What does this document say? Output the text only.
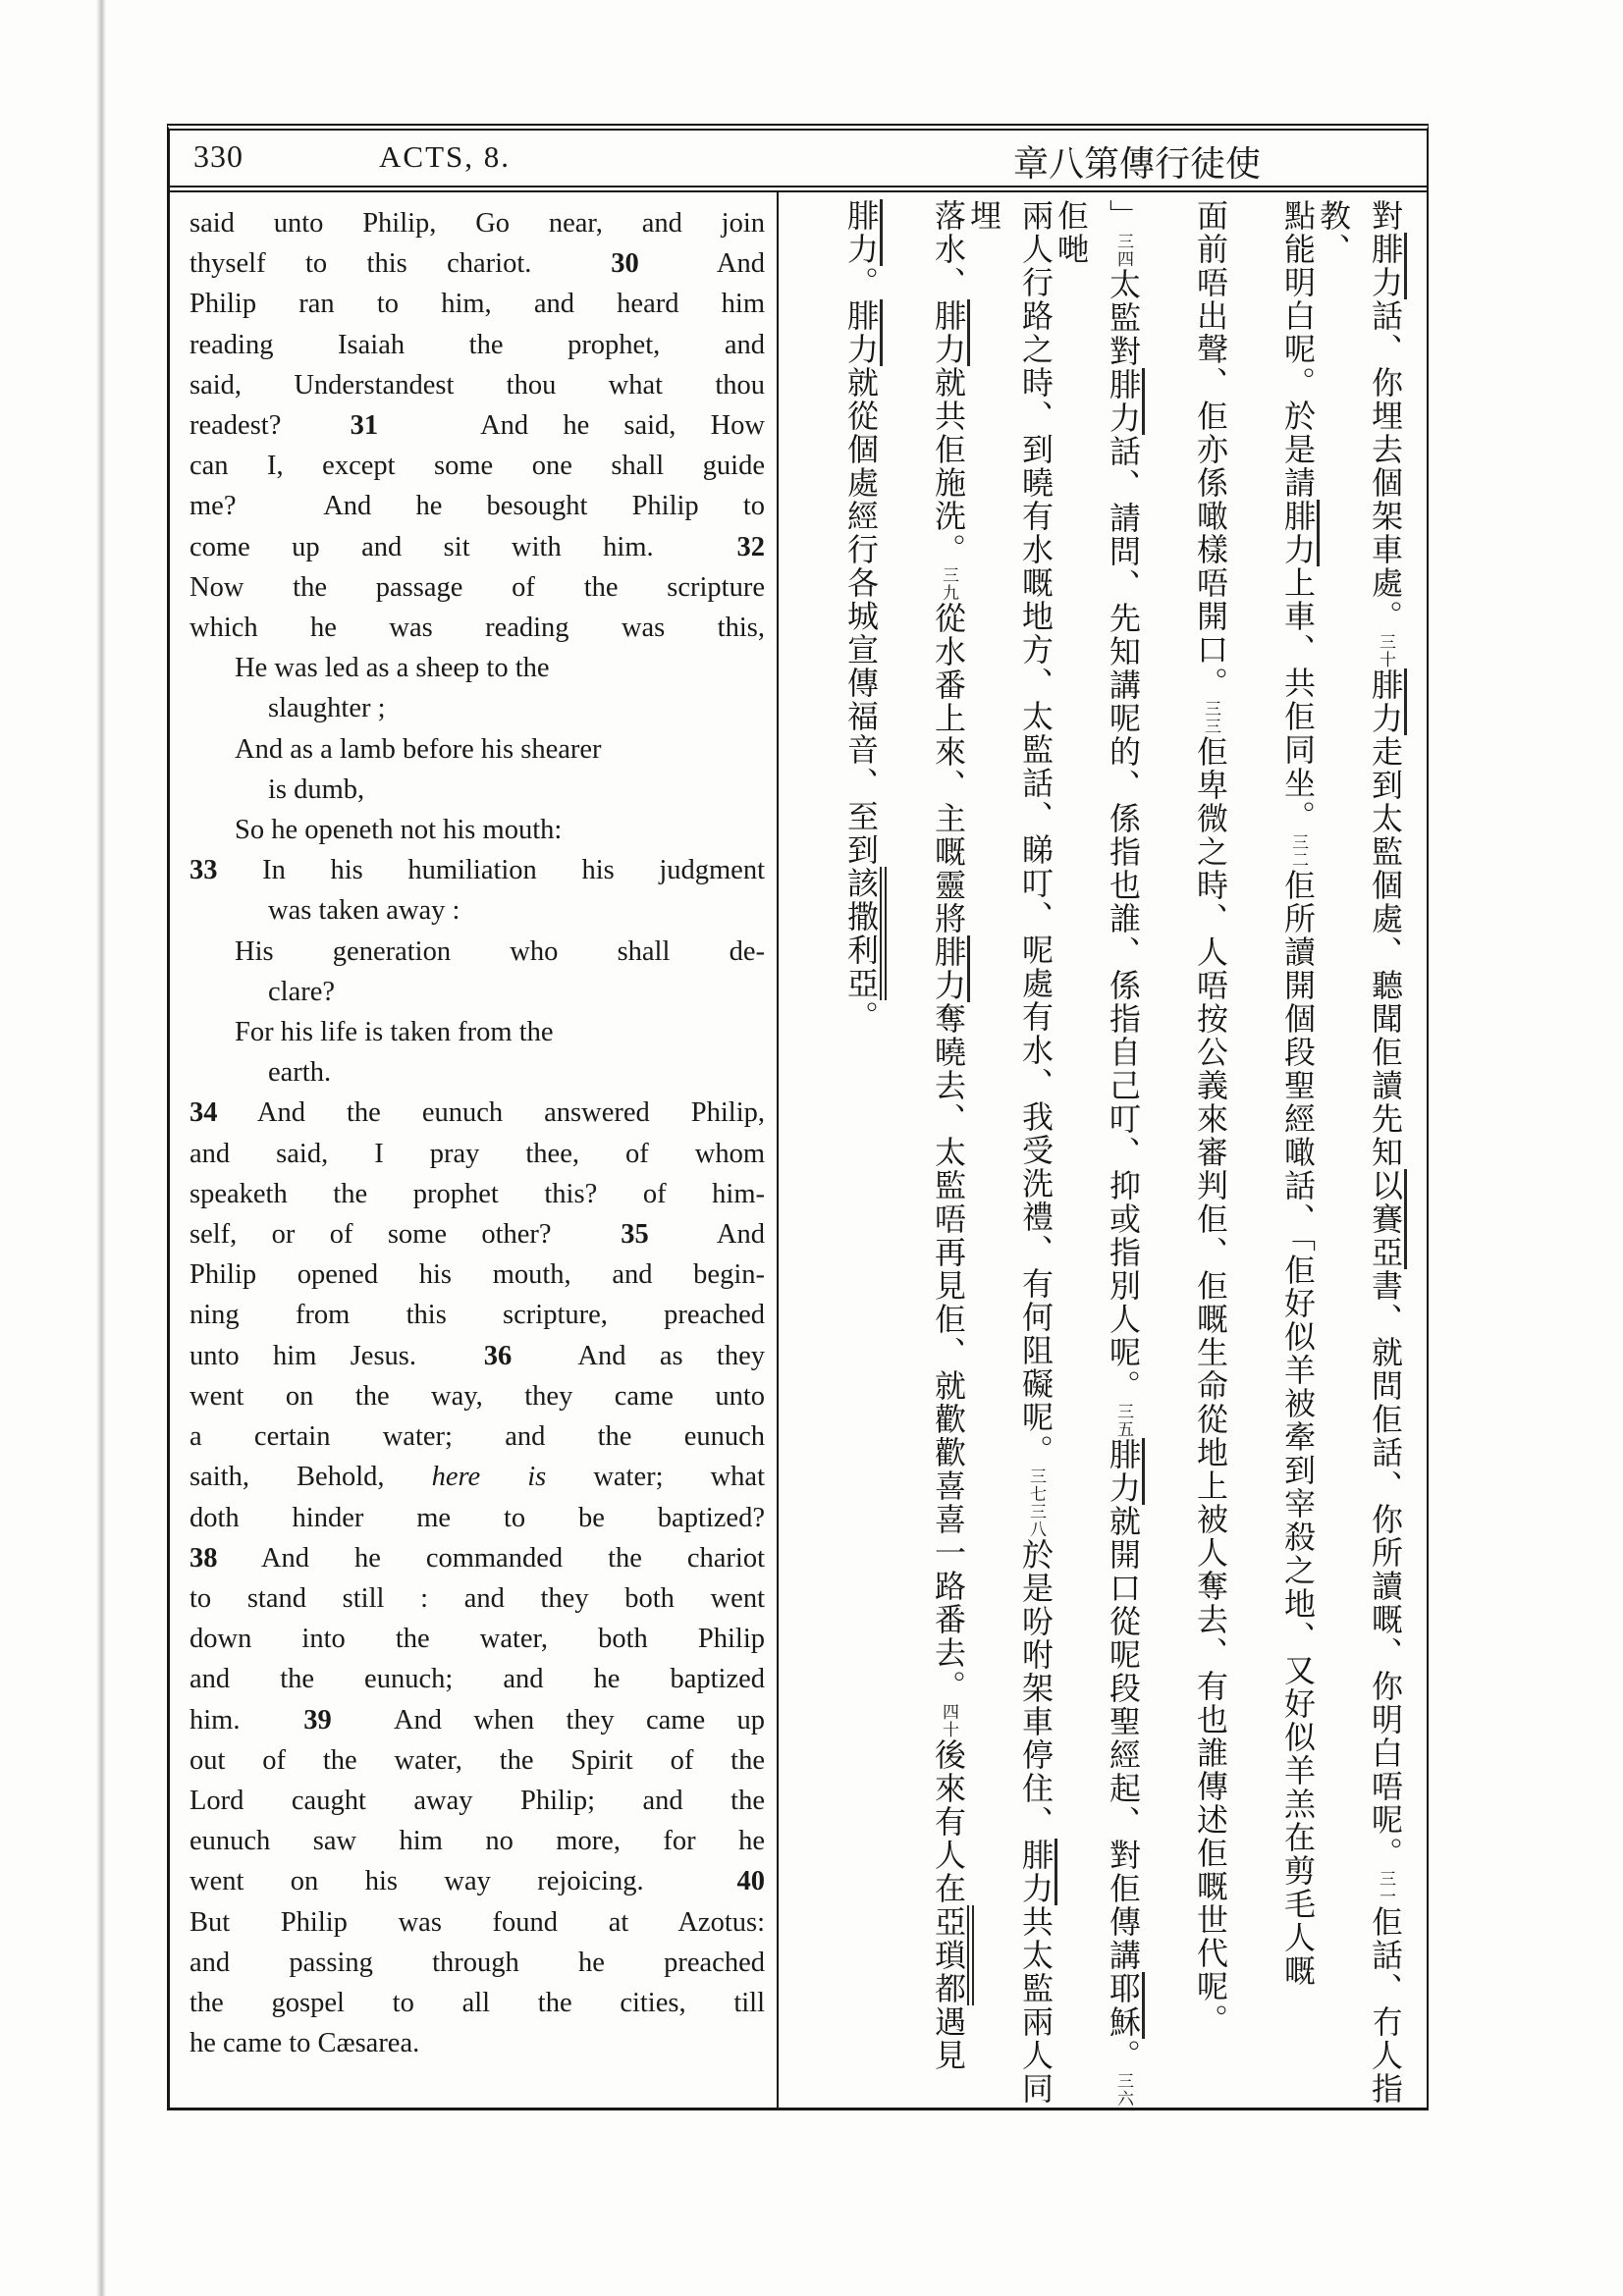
330	ACTS, 8.	章八第傳行徒使
said unto Philip, Go near, and join
thyself to this chariot.  30  And
Philip ran to him, and heard him
reading Isaiah the prophet, and
said, Understandest thou what thou
readest?  31   And he said, How
can I, except some one shall guide
me?  And he besought Philip to
come up and sit with him.  32
Now the passage of the scripture
which he was reading was this,
He was led as a sheep to the
slaughter ;
And as a lamb before his shearer
is dumb,
So he openeth not his mouth:
33 In his humiliation his judgment
was taken away :
His generation who shall de-
clare?
For his life is taken from the
earth.
34 And the eunuch answered Philip,
and said, I pray thee, of whom
speaketh the prophet this? of him-
self, or of some other?  35  And
Philip opened his mouth, and begin-
ning from this scripture, preached
unto him Jesus.  36  And as they
went on the way, they came unto
a certain water; and the eunuch
saith, Behold, here is water; what
doth hinder me to be baptized?
38 And he commanded the chariot
to stand still : and they both went
down into the water, both Philip
and the eunuch; and he baptized
him.  39  And when they came up
out of the water, the Spirit of the
Lord caught away Philip; and the
eunuch saw him no more, for he
went on his way rejoicing.  40
But Philip was found at Azotus:
and passing through he preached
the gospel to all the cities, till
he came to Cæsarea.
對腓力話、你埋去個架車處。三十腓力走到太監個處、聽聞佢讀先知以賽亞書、就問佢話、你所讀嘅、你明白唔呢。三一佢話、冇人指教、
點能明白呢。於是請腓力上車、共佢同坐。三二佢所讀開個段聖經噉話、「佢好似羊被牽到宰殺之地、又好似羊羔在剪毛人嘅
面前唔出聲、佢亦係噉樣唔開口。三三佢卑微之時、人唔按公義來審判佢、佢嘅生命從地上被人奪去、有也誰傳述佢嘅世代呢。
」三四太監對腓力話、請問、先知講呢的、係指也誰、係指自己叮、抑或指別人呢。三五腓力就開口從呢段聖經起、對佢傳講耶穌。三六佢哋
兩人行路之時、到曉有水嘅地方、太監話、睇叮、呢處有水、我受洗禮、有何阻礙呢。三七三八於是吩咐架車停住、腓力共太監兩人同埋
落水、腓力就共佢施洗。三九從水番上來、主嘅靈將腓力奪曉去、太監唔再見佢、就歡歡喜喜一路番去。四十後來有人在亞瑣都遇見
腓力。腓力就從個處經行各城宣傳福音、至到該撒利亞。
